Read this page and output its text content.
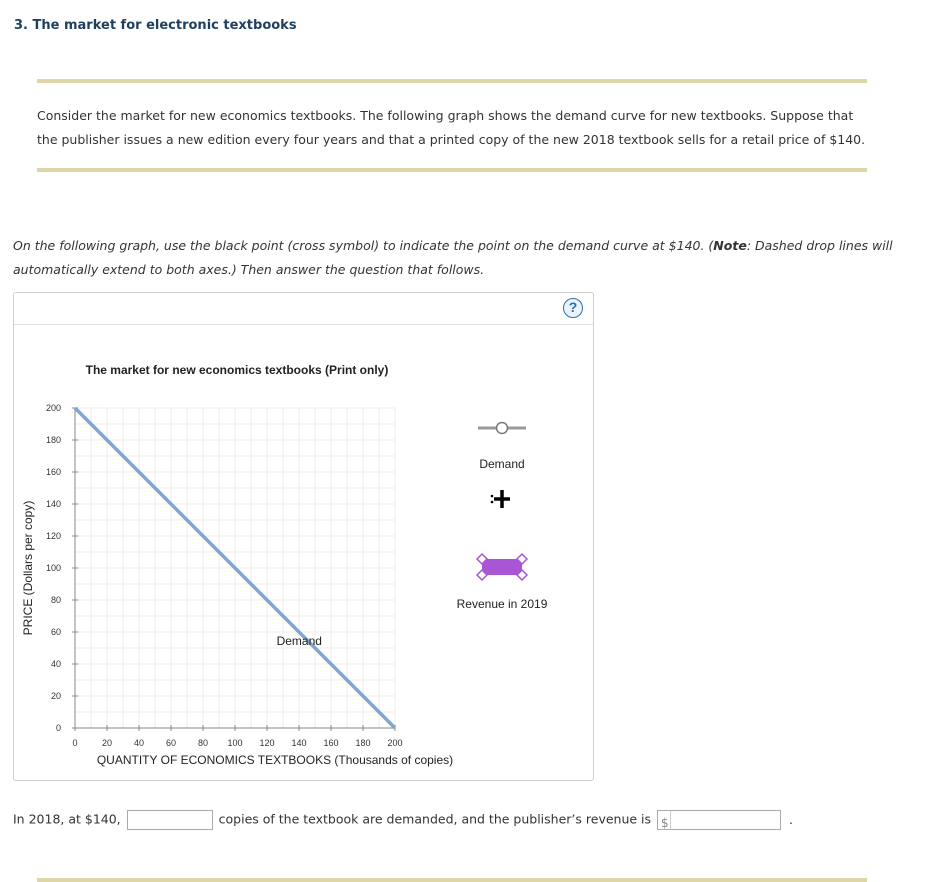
3. The market for electronic textbooks

Consider the market for new economics textbooks. The following graph shows the demand curve for new textbooks. Suppose that the publisher issues a new edition every four years and that a printed copy of the new 2018 textbook sells for a retail price of $140.

On the following graph, use the black point (cross symbol) to indicate the point on the demand curve at $140. (Note: Dashed drop lines will automatically extend to both axes.) Then answer the question that follows.

?
0
20
40
60
80
100
120
140
160
180
200
0	20 40 60 80 100 120 140 160 180 200
Demand
The market for new economics textbooks (Print only)
QUANTITY OF ECONOMICS TEXTBOOKS (Thousands of copies)
PRICE (Dollars per copy)
Demand
Revenue in 2019
In 2018, at $140,	copies of the textbook are demanded, and the publisher’s revenue is $	.
